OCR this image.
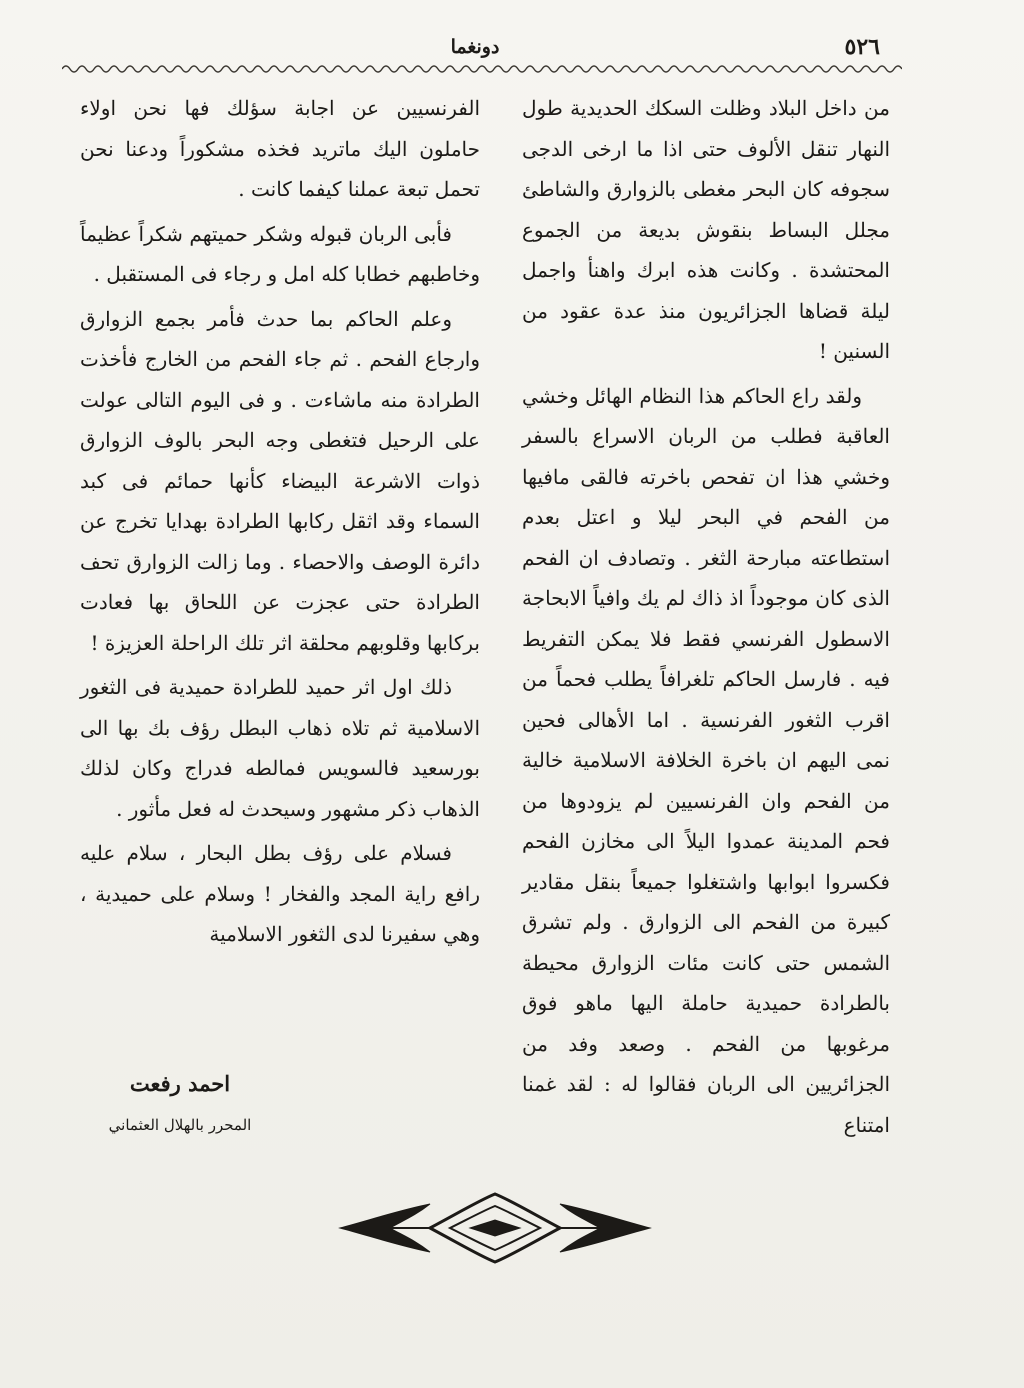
٥٢٦
دونغما

من داخل البلاد وظلت السكك الحديدية طول النهار تنقل الألوف حتى اذا ما ارخى الدجى سجوفه كان البحر مغطى بالزوارق والشاطئ مجلل البساط بنقوش بديعة من الجموع المحتشدة . وكانت هذه ابرك واهنأ واجمل ليلة قضاها الجزائريون منذ عدة عقود من السنين !

ولقد راع الحاكم هذا النظام الهائل وخشي العاقبة فطلب من الربان الاسراع بالسفر وخشي هذا ان تفحص باخرته فالقى مافيها من الفحم في البحر ليلا و اعتل بعدم استطاعته مبارحة الثغر . وتصادف ان الفحم الذى كان موجوداً اذ ذاك لم يك وافياً الابحاجة الاسطول الفرنسي فقط فلا يمكن التفريط فيه . فارسل الحاكم تلغرافاً يطلب فحماً من اقرب الثغور الفرنسية . اما الأهالى فحين نمى اليهم ان باخرة الخلافة الاسلامية خالية من الفحم وان الفرنسيين لم يزودوها من فحم المدينة عمدوا اليلاً الى مخازن الفحم فكسروا ابوابها واشتغلوا جميعاً بنقل مقادير كبيرة من الفحم الى الزوارق . ولم تشرق الشمس حتى كانت مئات الزوارق محيطة بالطرادة حميدية حاملة اليها ماهو فوق مرغوبها من الفحم . وصعد وفد من الجزائريين الى الربان فقالوا له : لقد غمنا امتناع

الفرنسيين عن اجابة سؤلك فها نحن اولاء حاملون اليك ماتريد فخذه مشكوراً ودعنا نحن تحمل تبعة عملنا كيفما كانت .

فأبى الربان قبوله وشكر حميتهم شكراً عظيماً وخاطبهم خطابا كله امل و رجاء فى المستقبل .

وعلم الحاكم بما حدث فأمر بجمع الزوارق وارجاع الفحم . ثم جاء الفحم من الخارج فأخذت الطرادة منه ماشاءت . و فى اليوم التالى عولت على الرحيل فتغطى وجه البحر بالوف الزوارق ذوات الاشرعة البيضاء كأنها حمائم فى كبد السماء وقد اثقل ركابها الطرادة بهدايا تخرج عن دائرة الوصف والاحصاء . وما زالت الزوارق تحف الطرادة حتى عجزت عن اللحاق بها فعادت بركابها وقلوبهم محلقة اثر تلك الراحلة العزيزة !

ذلك اول اثر حميد للطرادة حميدية فى الثغور الاسلامية ثم تلاه ذهاب البطل رؤف بك بها الى بورسعيد فالسويس فمالطه فدراج وكان لذلك الذهاب ذكر مشهور وسيحدث له فعل مأثور .

فسلام على رؤف بطل البحار ، سلام عليه رافع راية المجد والفخار ! وسلام على حميدية ، وهي سفيرنا لدى الثغور الاسلامية

احمد رفعت
المحرر بالهلال العثماني
